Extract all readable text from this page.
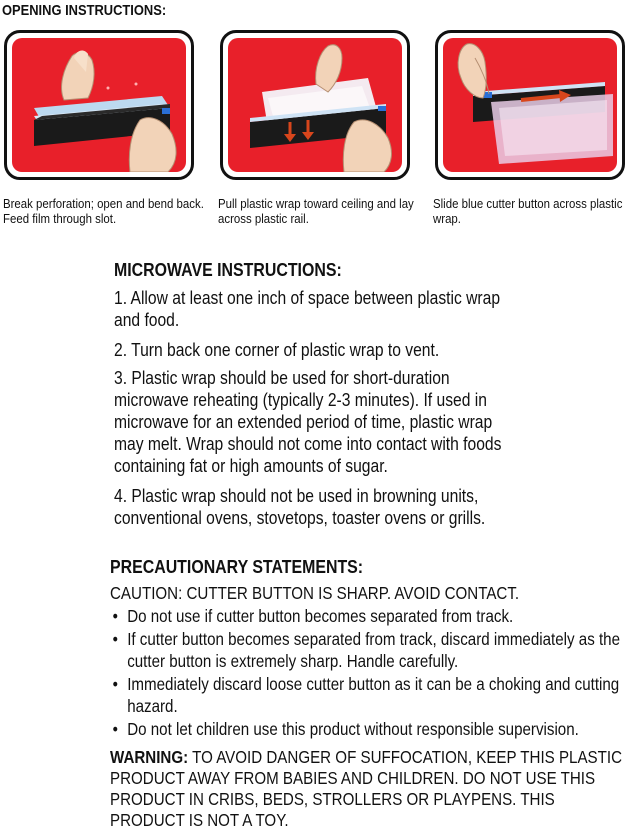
OPENING INSTRUCTIONS:
Break perforation; open and bend back. Feed film through slot.
Pull plastic wrap toward ceiling and lay across plastic rail.
Slide blue cutter button across plastic wrap.
MICROWAVE INSTRUCTIONS:
1. Allow at least one inch of space between plastic wrap and food.
2. Turn back one corner of plastic wrap to vent.
3. Plastic wrap should be used for short-duration microwave reheating (typically 2-3 minutes). If used in microwave for an extended period of time, plastic wrap may melt. Wrap should not come into contact with foods containing fat or high amounts of sugar.
4. Plastic wrap should not be used in browning units, conventional ovens, stovetops, toaster ovens or grills.
PRECAUTIONARY STATEMENTS:
CAUTION: CUTTER BUTTON IS SHARP. AVOID CONTACT.
• Do not use if cutter button becomes separated from track.
• If cutter button becomes separated from track, discard immediately as the cutter button is extremely sharp. Handle carefully.
• Immediately discard loose cutter button as it can be a choking and cutting hazard.
• Do not let children use this product without responsible supervision.
WARNING: TO AVOID DANGER OF SUFFOCATION, KEEP THIS PLASTIC PRODUCT AWAY FROM BABIES AND CHILDREN. DO NOT USE THIS PRODUCT IN CRIBS, BEDS, STROLLERS OR PLAYPENS. THIS PRODUCT IS NOT A TOY.
